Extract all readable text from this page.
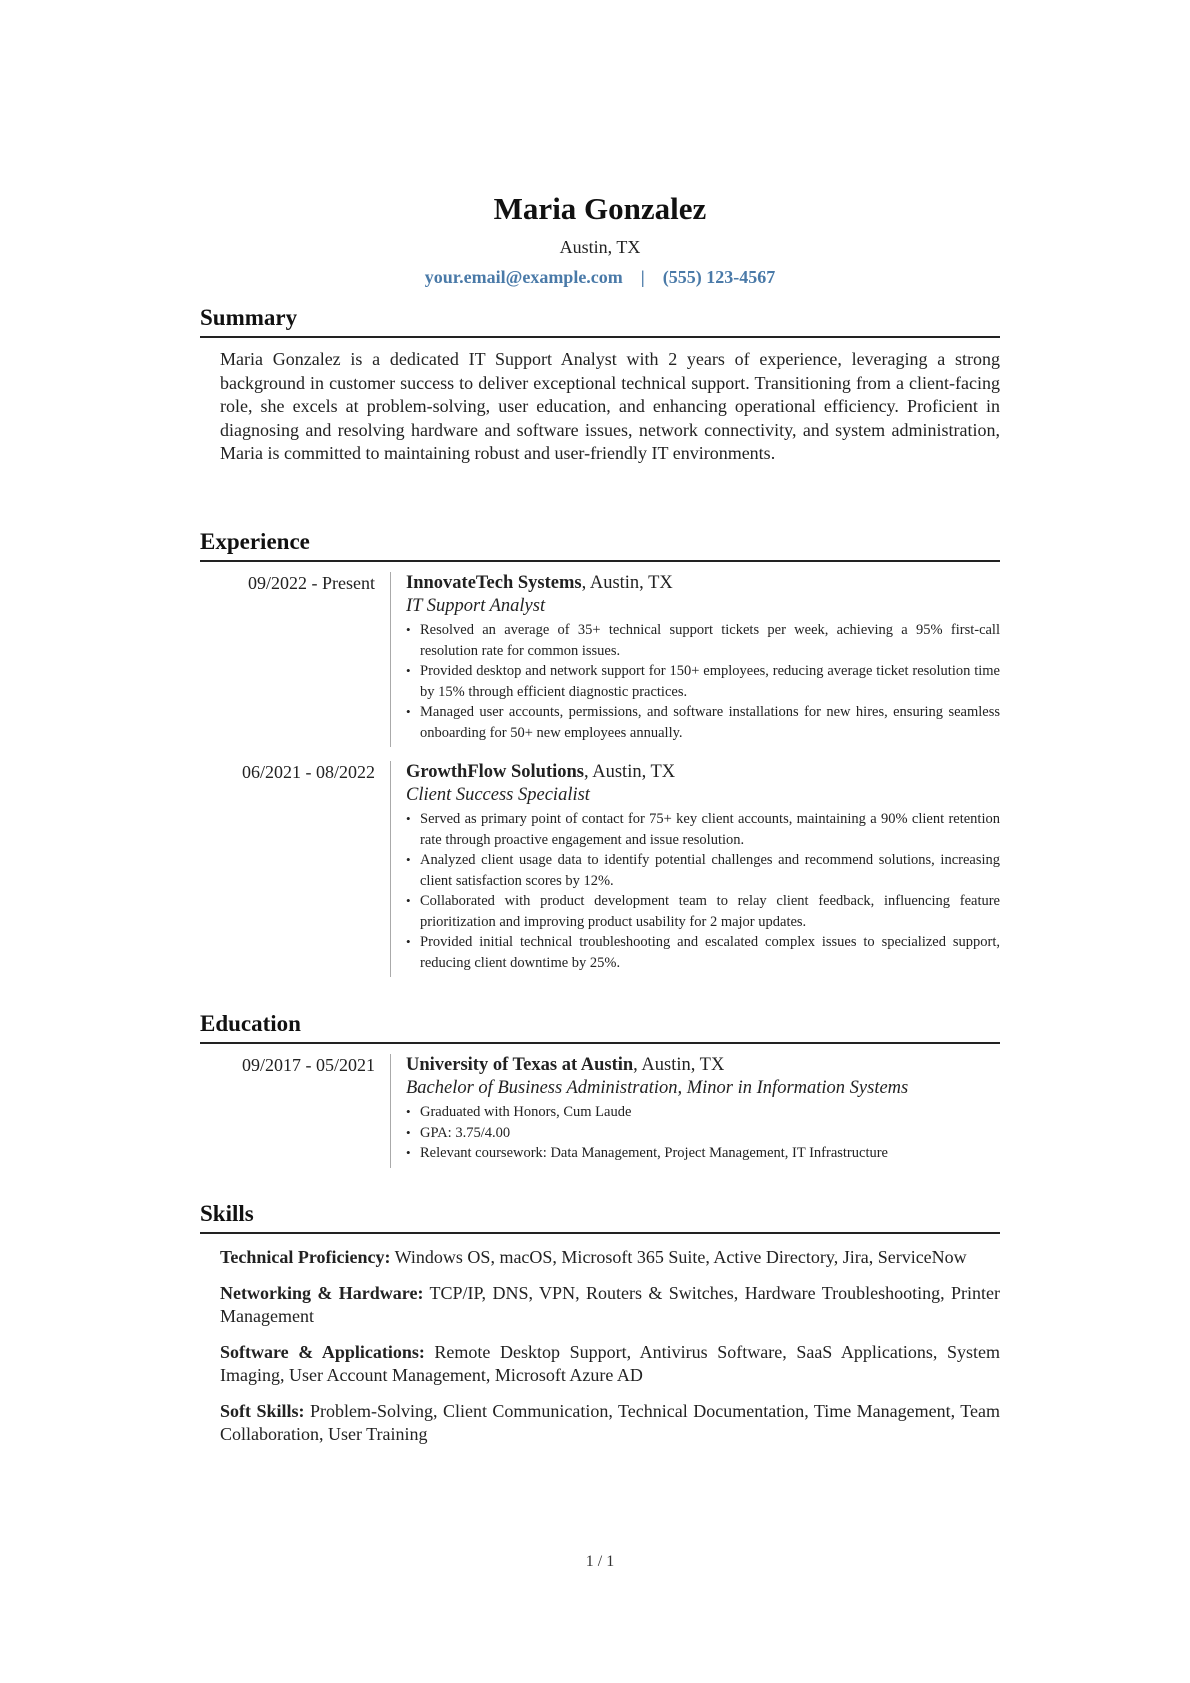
Maria Gonzalez
Austin, TX
your.email@example.com | (555) 123-4567
Summary
Maria Gonzalez is a dedicated IT Support Analyst with 2 years of experience, leveraging a strong background in customer success to deliver exceptional technical support. Transitioning from a client-facing role, she excels at problem-solving, user education, and enhancing operational efficiency. Proficient in diagnosing and resolving hardware and software issues, network connectivity, and system administration, Maria is committed to maintaining robust and user-friendly IT environments.
Experience
09/2022 - Present	InnovateTech Systems, Austin, TX
IT Support Analyst
• Resolved an average of 35+ technical support tickets per week, achieving a 95% first-call resolution rate for common issues.
• Provided desktop and network support for 150+ employees, reducing average ticket resolution time by 15% through efficient diagnostic practices.
• Managed user accounts, permissions, and software installations for new hires, ensuring seamless onboarding for 50+ new employees annually.
06/2021 - 08/2022	GrowthFlow Solutions, Austin, TX
Client Success Specialist
• Served as primary point of contact for 75+ key client accounts, maintaining a 90% client retention rate through proactive engagement and issue resolution.
• Analyzed client usage data to identify potential challenges and recommend solutions, increasing client satisfaction scores by 12%.
• Collaborated with product development team to relay client feedback, influencing feature prioritization and improving product usability for 2 major updates.
• Provided initial technical troubleshooting and escalated complex issues to specialized support, reducing client downtime by 25%.
Education
09/2017 - 05/2021	University of Texas at Austin, Austin, TX
Bachelor of Business Administration, Minor in Information Systems
• Graduated with Honors, Cum Laude
• GPA: 3.75/4.00
• Relevant coursework: Data Management, Project Management, IT Infrastructure
Skills
Technical Proficiency: Windows OS, macOS, Microsoft 365 Suite, Active Directory, Jira, ServiceNow
Networking & Hardware: TCP/IP, DNS, VPN, Routers & Switches, Hardware Troubleshooting, Printer Management
Software & Applications: Remote Desktop Support, Antivirus Software, SaaS Applications, System Imaging, User Account Management, Microsoft Azure AD
Soft Skills: Problem-Solving, Client Communication, Technical Documentation, Time Management, Team Collaboration, User Training
1 / 1
